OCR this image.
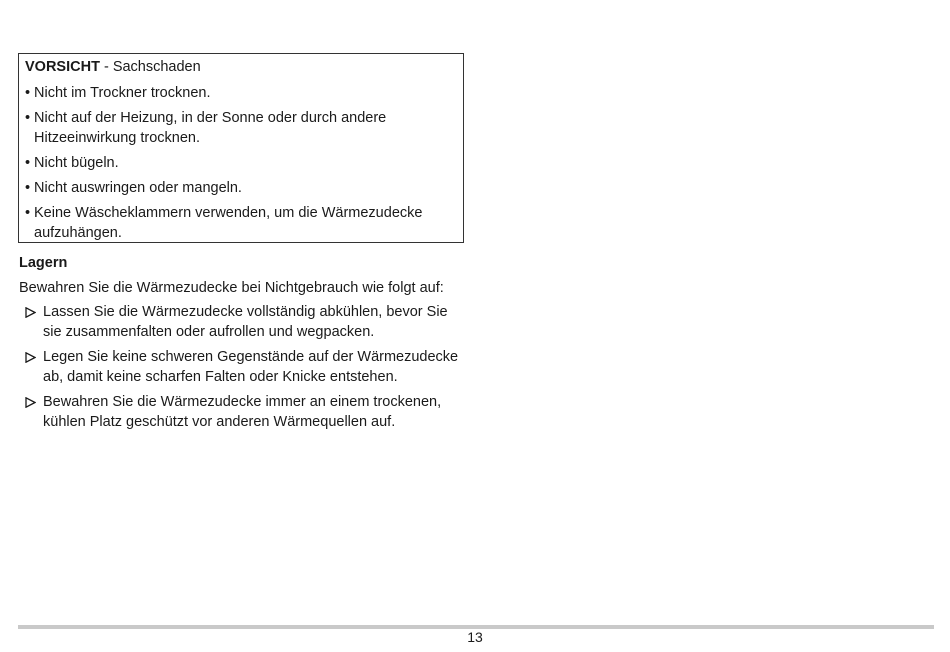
VORSICHT - Sachschaden

• Nicht im Trockner trocknen.
• Nicht auf der Heizung, in der Sonne oder durch andere Hitzeeinwirkung trocknen.
• Nicht bügeln.
• Nicht auswringen oder mangeln.
• Keine Wäscheklammern verwenden, um die Wärmezudecke aufzuhängen.
Lagern

Bewahren Sie die Wärmezudecke bei Nichtgebrauch wie folgt auf:

Lassen Sie die Wärmezudecke vollständig abkühlen, bevor Sie sie zusammenfalten oder aufrollen und wegpacken.
Legen Sie keine schweren Gegenstände auf der Wärmezudecke ab, damit keine scharfen Falten oder Knicke entstehen.
Bewahren Sie die Wärmezudecke immer an einem trockenen, kühlen Platz geschützt vor anderen Wärmequellen auf.
13
